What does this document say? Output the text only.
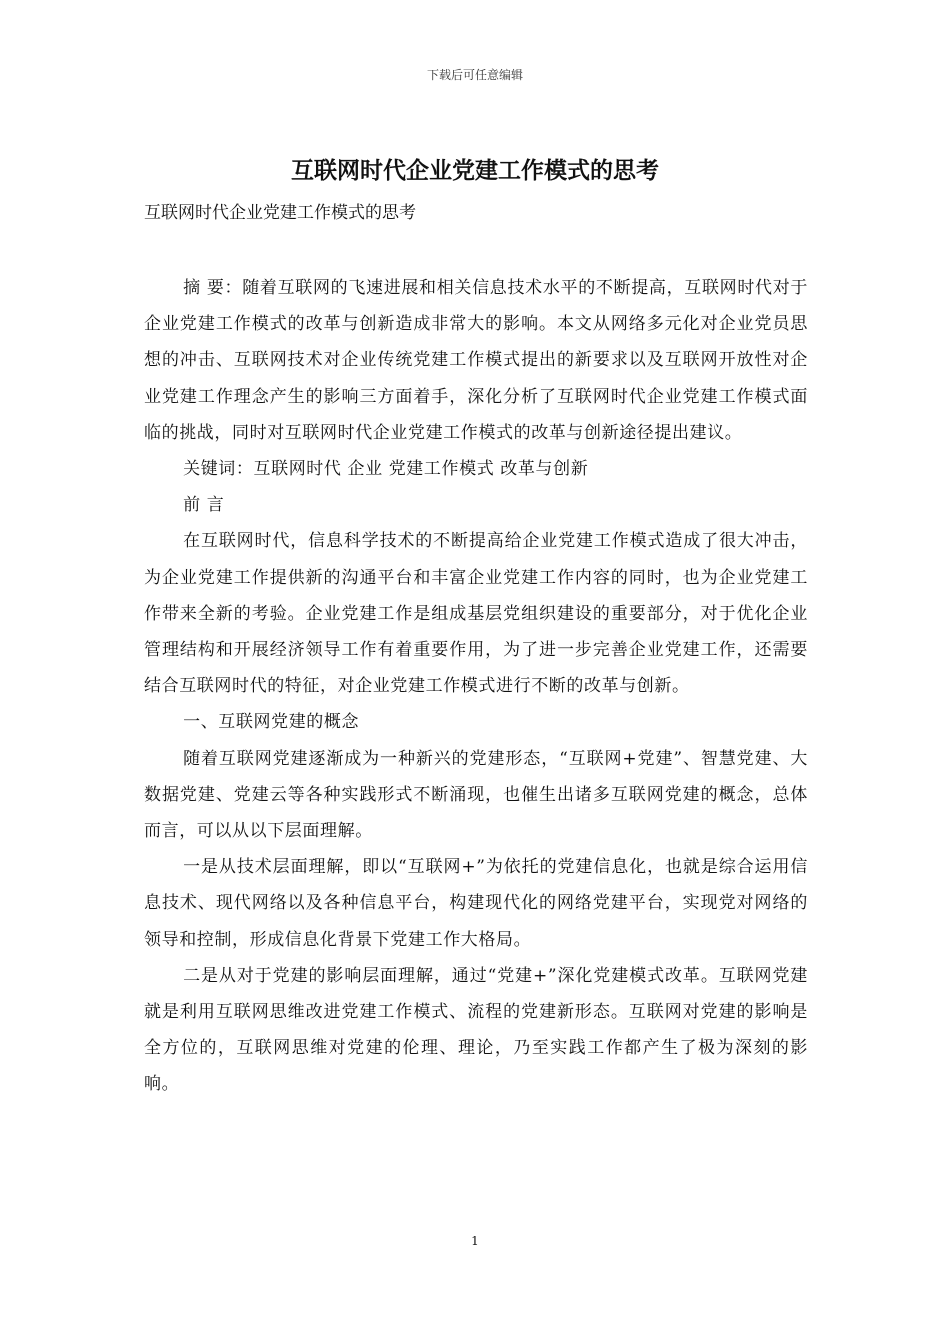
下载后可任意编辑
互联网时代企业党建工作模式的思考
互联网时代企业党建工作模式的思考

摘 要：随着互联网的飞速进展和相关信息技术水平的不断提高，互联网时代对于企业党建工作模式的改革与创新造成非常大的影响。本文从网络多元化对企业党员思想的冲击、互联网技术对企业传统党建工作模式提出的新要求以及互联网开放性对企业党建工作理念产生的影响三方面着手，深化分析了互联网时代企业党建工作模式面临的挑战，同时对互联网时代企业党建工作模式的改革与创新途径提出建议。

关键词：互联网时代 企业 党建工作模式 改革与创新

前 言

在互联网时代，信息科学技术的不断提高给企业党建工作模式造成了很大冲击，为企业党建工作提供新的沟通平台和丰富企业党建工作内容的同时，也为企业党建工作带来全新的考验。企业党建工作是组成基层党组织建设的重要部分，对于优化企业管理结构和开展经济领导工作有着重要作用，为了进一步完善企业党建工作，还需要结合互联网时代的特征，对企业党建工作模式进行不断的改革与创新。

一、互联网党建的概念

随着互联网党建逐渐成为一种新兴的党建形态，“互联网+党建”、智慧党建、大数据党建、党建云等各种实践形式不断涌现，也催生出诸多互联网党建的概念，总体而言，可以从以下层面理解。

一是从技术层面理解，即以“互联网+”为依托的党建信息化，也就是综合运用信息技术、现代网络以及各种信息平台，构建现代化的网络党建平台，实现党对网络的领导和控制，形成信息化背景下党建工作大格局。

二是从对于党建的影响层面理解，通过“党建+”深化党建模式改革。互联网党建就是利用互联网思维改进党建工作模式、流程的党建新形态。互联网对党建的影响是全方位的，互联网思维对党建的伦理、理论，乃至实践工作都产生了极为深刻的影响。

1
